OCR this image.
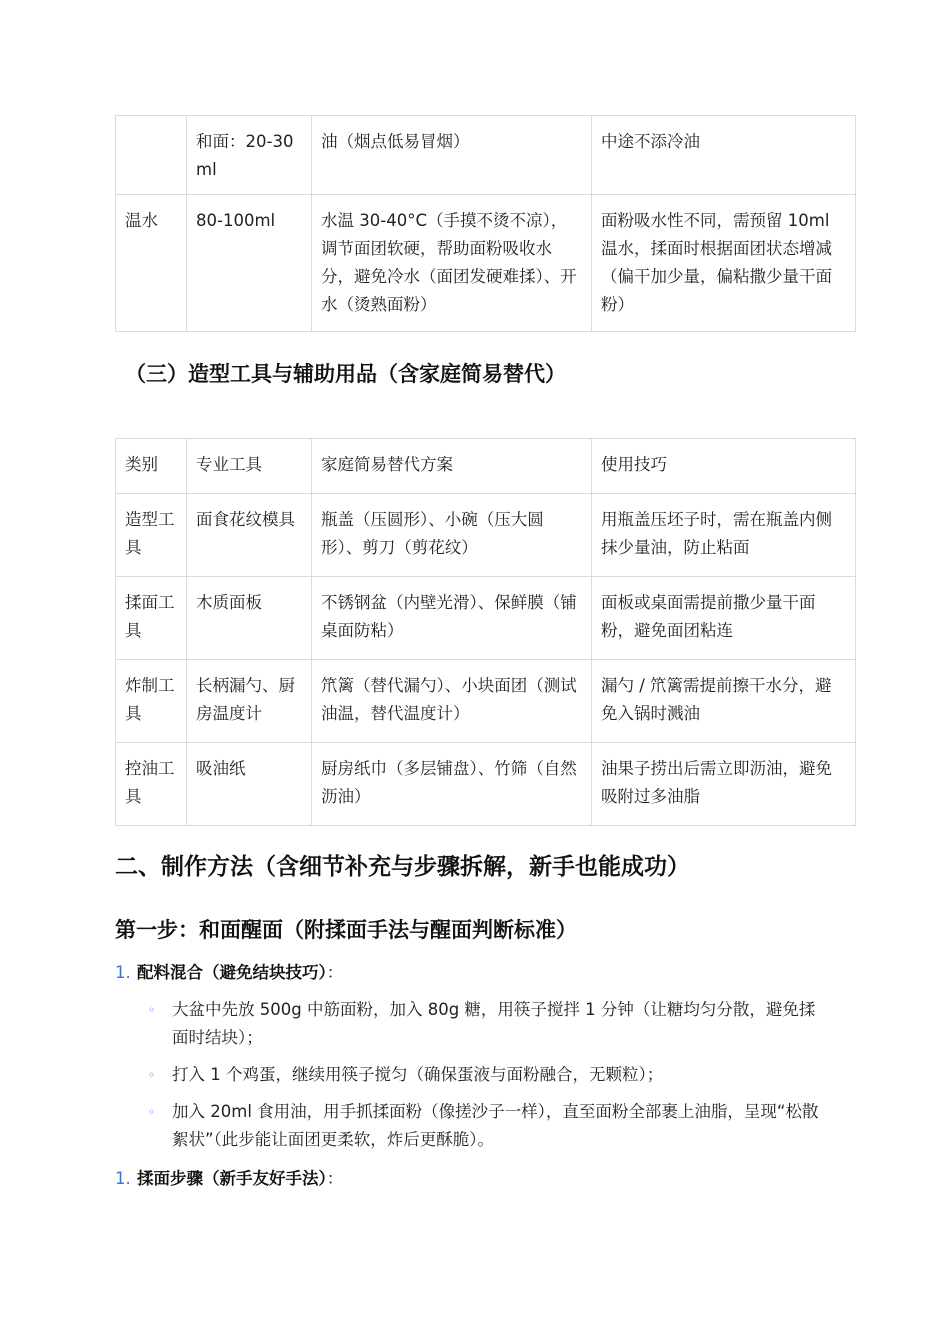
	和面：20-30ml	油（烟点低易冒烟）	中途不添冷油
温水	80-100ml	水温 30-40°C（手摸不烫不凉），调节面团软硬，帮助面粉吸收水分，避免冷水（面团发硬难揉）、开水（烫熟面粉）	面粉吸水性不同，需预留 10ml 温水，揉面时根据面团状态增减（偏干加少量，偏粘撒少量干面粉）
（三）造型工具与辅助用品（含家庭简易替代）
类别	专业工具	家庭简易替代方案	使用技巧
造型工具	面食花纹模具	瓶盖（压圆形）、小碗（压大圆形）、剪刀（剪花纹）	用瓶盖压坯子时，需在瓶盖内侧抹少量油，防止粘面
揉面工具	木质面板	不锈钢盆（内壁光滑）、保鲜膜（铺桌面防粘）	面板或桌面需提前撒少量干面粉，避免面团粘连
炸制工具	长柄漏勺、厨房温度计	笊篱（替代漏勺）、小块面团（测试油温，替代温度计）	漏勺 / 笊篱需提前擦干水分，避免入锅时溅油
控油工具	吸油纸	厨房纸巾（多层铺盘）、竹筛（自然沥油）	油果子捞出后需立即沥油，避免吸附过多油脂
二、制作方法（含细节补充与步骤拆解，新手也能成功）
第一步：和面醒面（附揉面手法与醒面判断标准）
1. 配料混合（避免结块技巧）：
◦ 大盆中先放 500g 中筋面粉，加入 80g 糖，用筷子搅拌 1 分钟（让糖均匀分散，避免揉面时结块）；
◦ 打入 1 个鸡蛋，继续用筷子搅匀（确保蛋液与面粉融合，无颗粒）；
◦ 加入 20ml 食用油，用手抓揉面粉（像搓沙子一样），直至面粉全部裹上油脂，呈现“松散絮状”（此步能让面团更柔软，炸后更酥脆）。
1. 揉面步骤（新手友好手法）：
